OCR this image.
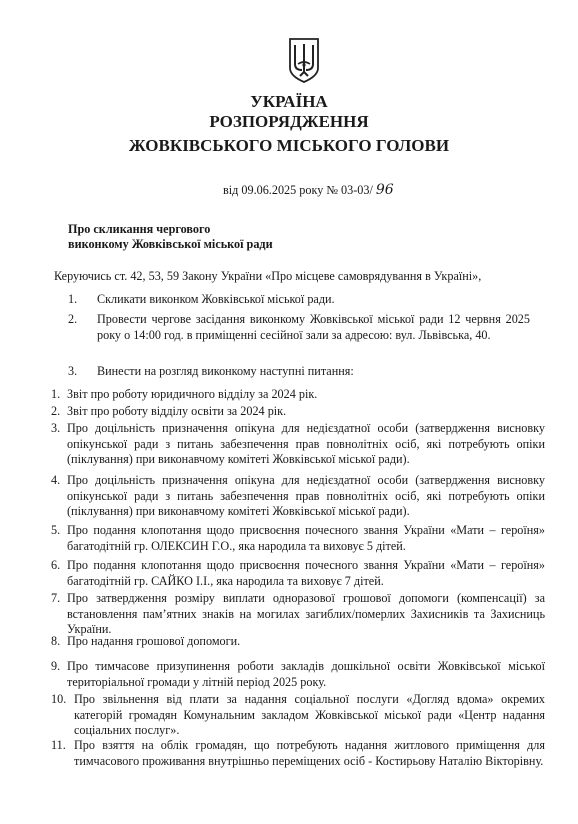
УКРАЇНА
РОЗПОРЯДЖЕННЯ
ЖОВКІВСЬКОГО МІСЬКОГО ГОЛОВИ
від 09.06.2025 року № 03-03/ 96
Про скликання чергового
виконкому Жовківської міської ради
Керуючись ст. 42, 53, 59 Закону України «Про місцеве самоврядування в Україні»,
1. Скликати виконком Жовківської міської ради.
2. Провести чергове засідання виконкому Жовківської міської ради 12 червня 2025 року о 14:00 год. в приміщенні сесійної зали за адресою: вул. Львівська, 40.
3. Винести на розгляд виконкому наступні питання:
1. Звіт про роботу юридичного відділу за 2024 рік.
2. Звіт про роботу відділу освіти за 2024 рік.
3. Про доцільність призначення опікуна для недієздатної особи (затвердження висновку опікунської ради з питань забезпечення прав повнолітніх осіб, які потребують опіки (піклування) при виконавчому комітеті Жовківської міської ради).
4. Про доцільність призначення опікуна для недієздатної особи (затвердження висновку опікунської ради з питань забезпечення прав повнолітніх осіб, які потребують опіки (піклування) при виконавчому комітеті Жовківської міської ради).
5. Про подання клопотання щодо присвоєння почесного звання України «Мати – героїня» багатодітній гр. ОЛЕКСИН Г.О., яка народила та виховує 5 дітей.
6. Про подання клопотання щодо присвоєння почесного звання України «Мати – героїня» багатодітній гр. САЙКО І.І., яка народила та виховує 7 дітей.
7. Про затвердження розміру виплати одноразової грошової допомоги (компенсації) за встановлення пам’ятних знаків на могилах загиблих/померлих Захисників та Захисниць України.
8. Про надання грошової допомоги.
9. Про тимчасове призупинення роботи закладів дошкільної освіти Жовківської міської територіальної громади у літній період 2025 року.
10. Про звільнення від плати за надання соціальної послуги «Догляд вдома» окремих категорій громадян Комунальним закладом Жовківської міської ради «Центр надання соціальних послуг».
11. Про взяття на облік громадян, що потребують надання житлового приміщення для тимчасового проживання внутрішньо переміщених осіб - Костирьову Наталію Вікторівну.
